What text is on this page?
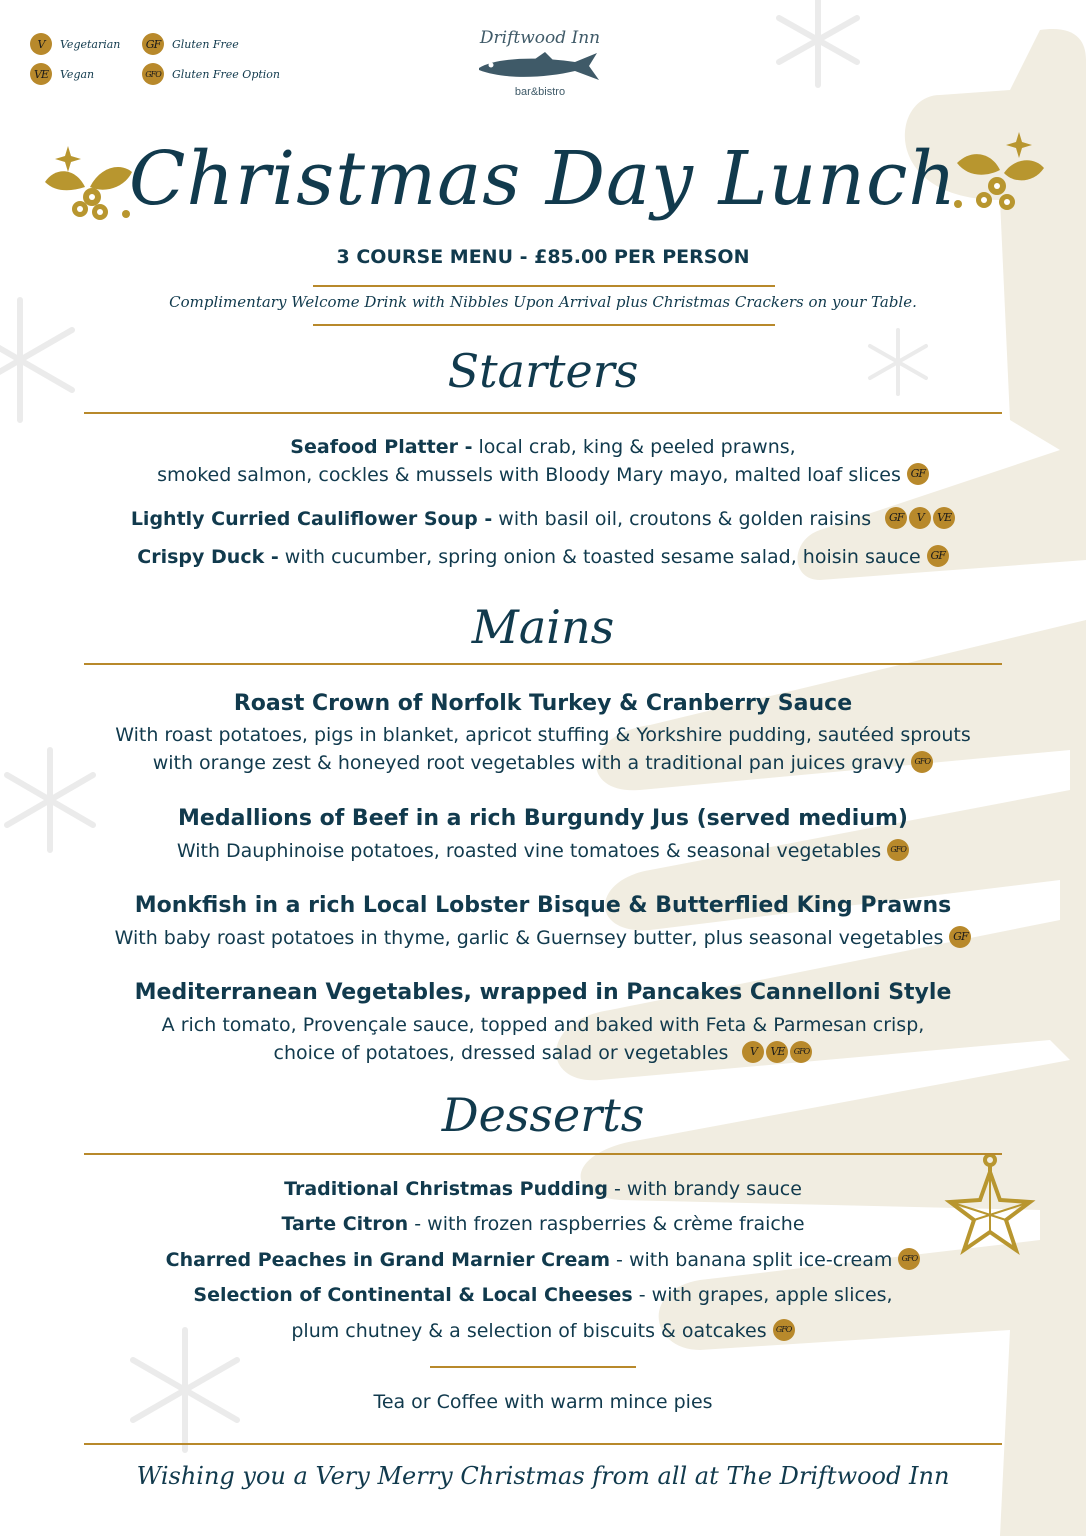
V	Vegetarian	GF	Gluten Free
VE	Vegan	GFO Gluten Free Option
Driftwood Inn
bar&bistro
Christmas Day Lunch
3 COURSE MENU - £85.00 PER PERSON
Complimentary Welcome Drink with Nibbles Upon Arrival plus Christmas Crackers on your Table.
Starters
Seafood Platter - local crab, king & peeled prawns,
smoked salmon, cockles & mussels with Bloody Mary mayo, malted loaf slices GF
Lightly Curried Cauliflower Soup - with basil oil, croutons & golden raisins	GF	V	VE
Crispy Duck - with cucumber, spring onion & toasted sesame salad, hoisin sauce GF
Mains
Roast Crown of Norfolk Turkey & Cranberry Sauce
With roast potatoes, pigs in blanket, apricot stuffing & Yorkshire pudding, sautéed sprouts
with orange zest & honeyed root vegetables with a traditional pan juices gravy	GFO
Medallions of Beef in a rich Burgundy Jus (served medium)
With Dauphinoise potatoes, roasted vine tomatoes & seasonal vegetables	GFO
Monkfish in a rich Local Lobster Bisque & Butterflied King Prawns
With baby roast potatoes in thyme, garlic & Guernsey butter, plus seasonal vegetables GF
Mediterranean Vegetables, wrapped in Pancakes Cannelloni Style
A rich tomato, Provençale sauce, topped and baked with Feta & Parmesan crisp,
choice of potatoes, dressed salad or vegetables	V	VE	GFO
Desserts
Traditional Christmas Pudding - with brandy sauce
Tarte Citron - with frozen raspberries & crème fraiche
Charred Peaches in Grand Marnier Cream - with banana split ice-cream	GFO
Selection of Continental & Local Cheeses - with grapes, apple slices,
plum chutney & a selection of biscuits & oatcakes	GFO
Tea or Coffee with warm mince pies
Wishing you a Very Merry Christmas from all at The Driftwood Inn
